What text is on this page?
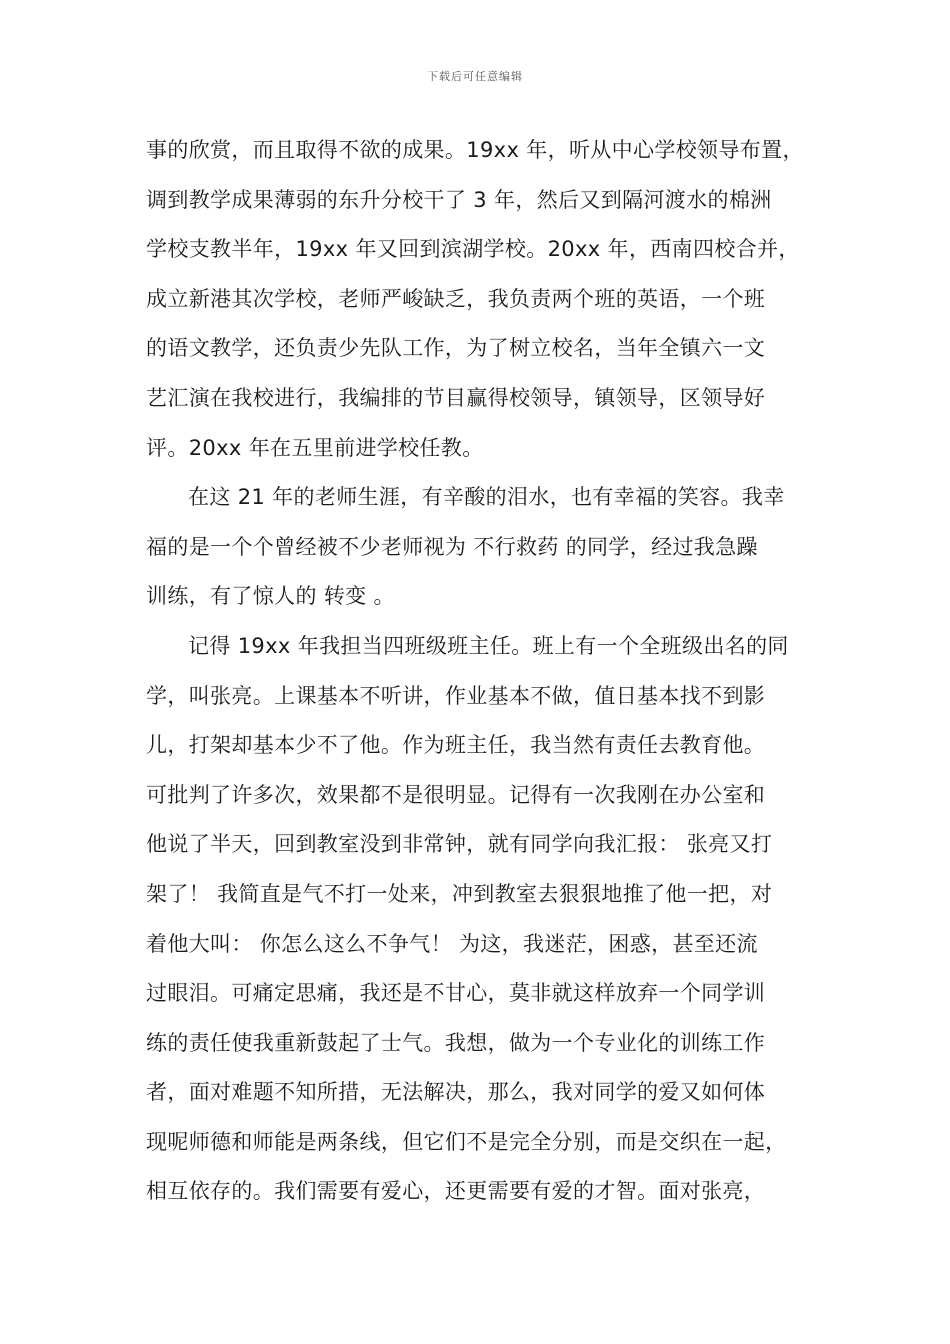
下载后可任意编辑
事的欣赏，而且取得不欲的成果。19xx 年，听从中心学校领导布置，
调到教学成果薄弱的东升分校干了 3 年，然后又到隔河渡水的棉洲
学校支教半年，19xx 年又回到滨湖学校。20xx 年，西南四校合并，
成立新港其次学校，老师严峻缺乏，我负责两个班的英语，一个班
的语文教学，还负责少先队工作，为了树立校名，当年全镇六一文
艺汇演在我校进行，我编排的节目赢得校领导，镇领导，区领导好
评。20xx 年在五里前进学校任教。
在这 21 年的老师生涯，有辛酸的泪水，也有幸福的笑容。我幸
福的是一个个曾经被不少老师视为 不行救药 的同学，经过我急躁
训练，有了惊人的 转变 。
记得 19xx 年我担当四班级班主任。班上有一个全班级出名的同
学，叫张亮。上课基本不听讲，作业基本不做，值日基本找不到影
儿，打架却基本少不了他。作为班主任，我当然有责任去教育他。
可批判了许多次，效果都不是很明显。记得有一次我刚在办公室和
他说了半天，回到教室没到非常钟，就有同学向我汇报： 张亮又打
架了！ 我简直是气不打一处来，冲到教室去狠狠地推了他一把，对
着他大叫： 你怎么这么不争气！ 为这，我迷茫，困惑，甚至还流
过眼泪。可痛定思痛，我还是不甘心，莫非就这样放弃一个同学训
练的责任使我重新鼓起了士气。我想，做为一个专业化的训练工作
者，面对难题不知所措，无法解决，那么，我对同学的爱又如何体
现呢师德和师能是两条线，但它们不是完全分别，而是交织在一起，
相互依存的。我们需要有爱心，还更需要有爱的才智。面对张亮，
